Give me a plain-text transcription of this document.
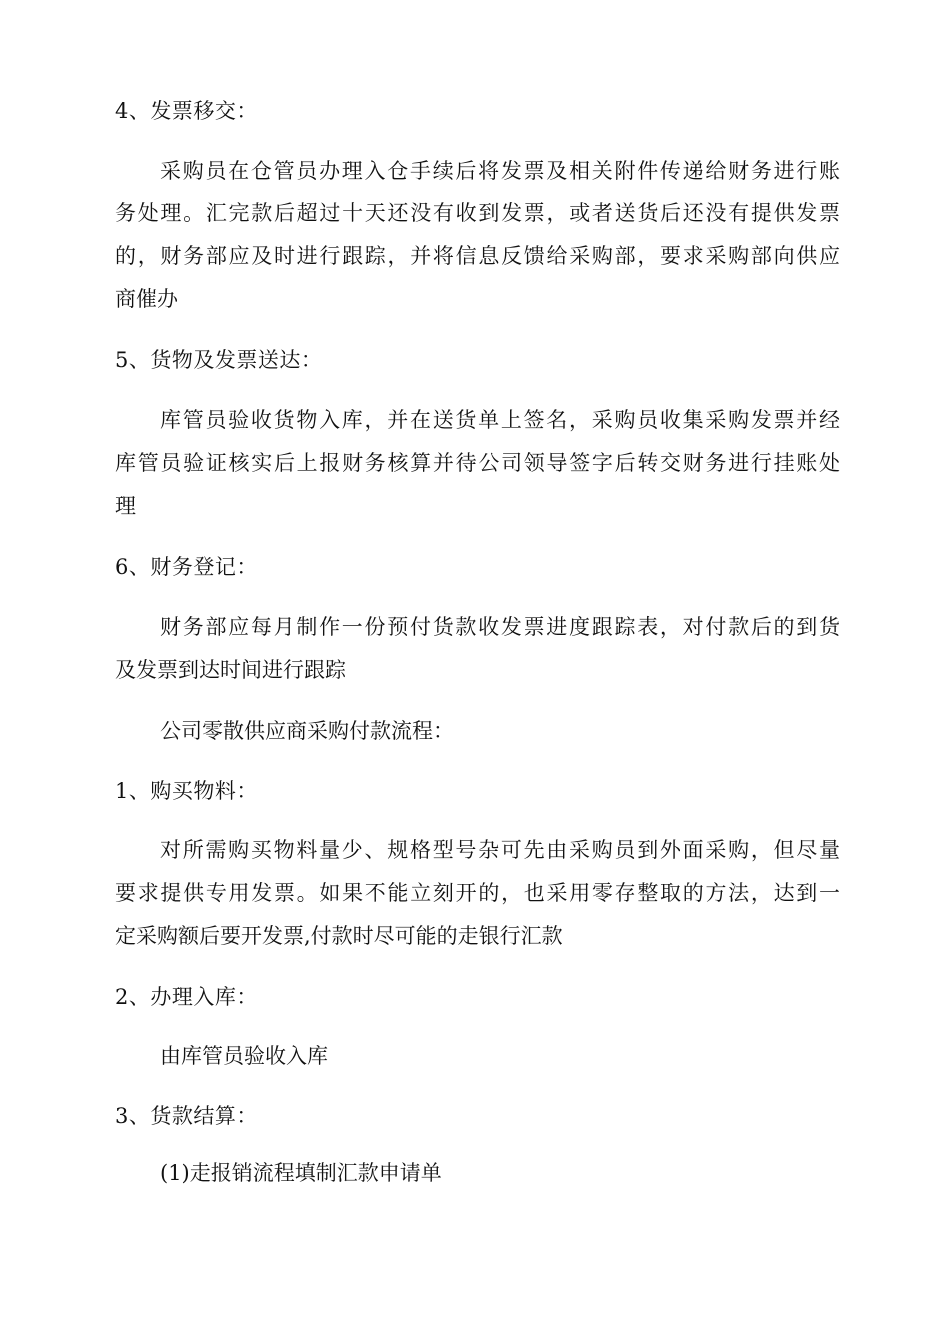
4、发票移交：
采购员在仓管员办理入仓手续后将发票及相关附件传递给财务进行账
务处理。汇完款后超过十天还没有收到发票，或者送货后还没有提供发票
的，财务部应及时进行跟踪，并将信息反馈给采购部，要求采购部向供应
商催办
5、货物及发票送达：
库管员验收货物入库，并在送货单上签名，采购员收集采购发票并经
库管员验证核实后上报财务核算并待公司领导签字后转交财务进行挂账处
理
6、财务登记：
财务部应每月制作一份预付货款收发票进度跟踪表，对付款后的到货
及发票到达时间进行跟踪
公司零散供应商采购付款流程：
1、购买物料：
对所需购买物料量少、规格型号杂可先由采购员到外面采购，但尽量
要求提供专用发票。如果不能立刻开的，也采用零存整取的方法，达到一
定采购额后要开发票,付款时尽可能的走银行汇款
2、办理入库：
由库管员验收入库
3、货款结算：
(1)走报销流程填制汇款申请单
